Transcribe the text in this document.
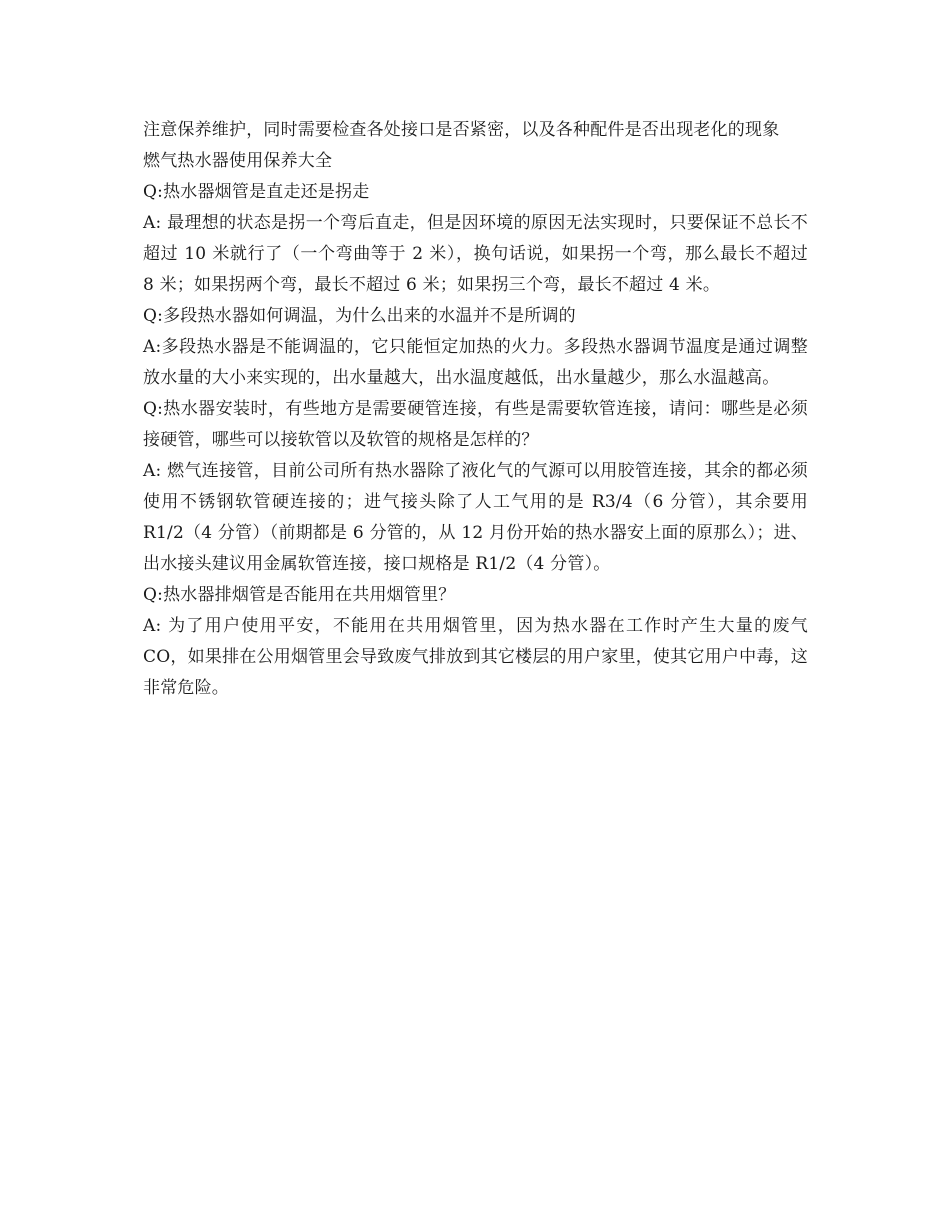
注意保养维护，同时需要检查各处接口是否紧密，以及各种配件是否出现老化的现象

燃气热水器使用保养大全

Q:热水器烟管是直走还是拐走

A: 最理想的状态是拐一个弯后直走，但是因环境的原因无法实现时，只要保证不总长不超过 10 米就行了（一个弯曲等于 2 米），换句话说，如果拐一个弯，那么最长不超过 8 米；如果拐两个弯，最长不超过 6 米；如果拐三个弯，最长不超过 4 米。

Q:多段热水器如何调温，为什么出来的水温并不是所调的

A:多段热水器是不能调温的，它只能恒定加热的火力。多段热水器调节温度是通过调整放水量的大小来实现的，出水量越大，出水温度越低，出水量越少，那么水温越高。

Q:热水器安装时，有些地方是需要硬管连接，有些是需要软管连接，请问：哪些是必须接硬管，哪些可以接软管以及软管的规格是怎样的？

A: 燃气连接管，目前公司所有热水器除了液化气的气源可以用胶管连接，其余的都必须使用不锈钢软管硬连接的；进气接头除了人工气用的是 R3/4（6 分管），其余要用 R1/2（4 分管）（前期都是 6 分管的，从 12 月份开始的热水器安上面的原那么）；进、出水接头建议用金属软管连接，接口规格是 R1/2（4 分管）。

Q:热水器排烟管是否能用在共用烟管里？

A: 为了用户使用平安，不能用在共用烟管里，因为热水器在工作时产生大量的废气 CO，如果排在公用烟管里会导致废气排放到其它楼层的用户家里，使其它用户中毒，这非常危险。
